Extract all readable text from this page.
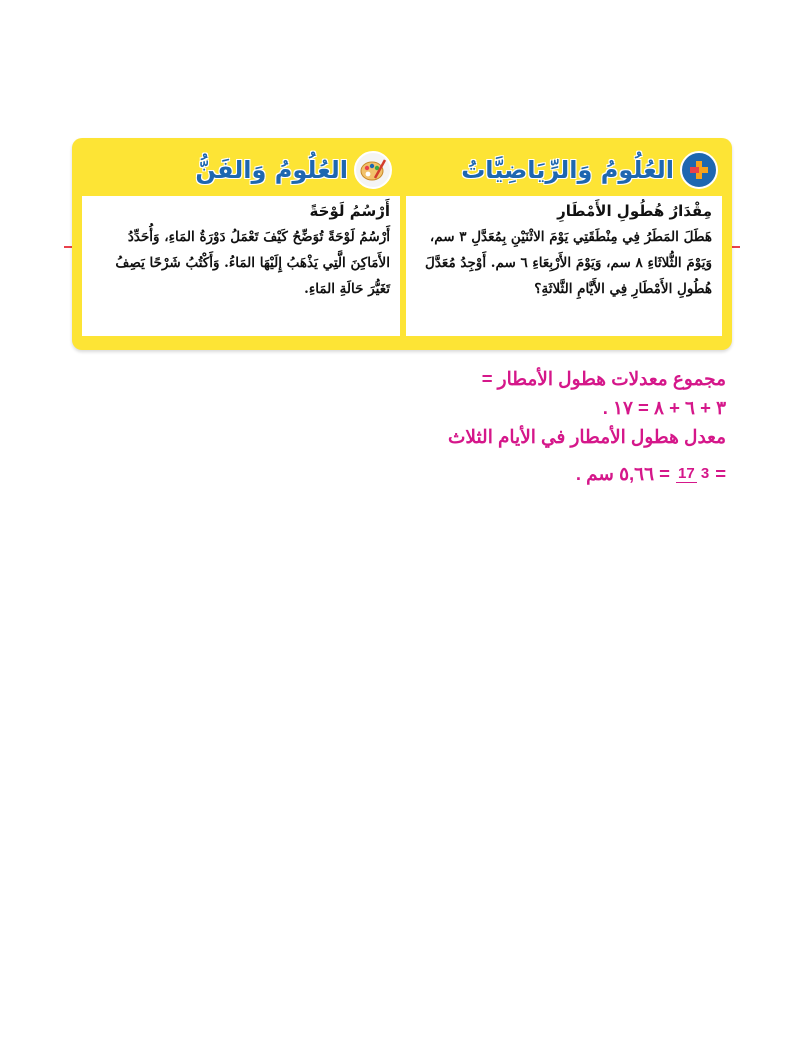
العُلُومُ وَالرِّيَاضِيَّاتُ
العُلُومُ وَالفَنُّ
مِقْدَارُ هُطُولِ الأَمْطَارِ
هَطَلَ المَطَرُ فِي مِنْطَقَتِي يَوْمَ الاثْنَيْنِ بِمُعَدَّلِ ٣ سم، وَيَوْمَ الثُّلاثَاءِ ٨ سم، وَيَوْمَ الأَرْبِعَاءِ ٦ سم. أَوْجِدُ مُعَدَّلَ هُطُولِ الأَمْطَارِ فِي الأَيَّامِ الثَّلاثَةِ؟
أَرْسُمُ لَوْحَةً
أَرْسُمُ لَوْحَةً تُوَضِّحُ كَيْفَ تَعْمَلُ دَوْرَةُ المَاءِ، وَأُحَدِّدُ الأَمَاكِنَ الَّتِي يَذْهَبُ إِلَيْهَا المَاءُ. وَأَكْتُبُ شَرْحًا يَصِفُ تَغَيُّرَ حَالَةِ المَاءِ.
مجموع معدلات هطول الأمطار =
٣ + ٦ + ٨ = ١٧ .
معدل هطول الأمطار في الأيام الثلاث
=
17 3
= ٥,٦٦ سم .
